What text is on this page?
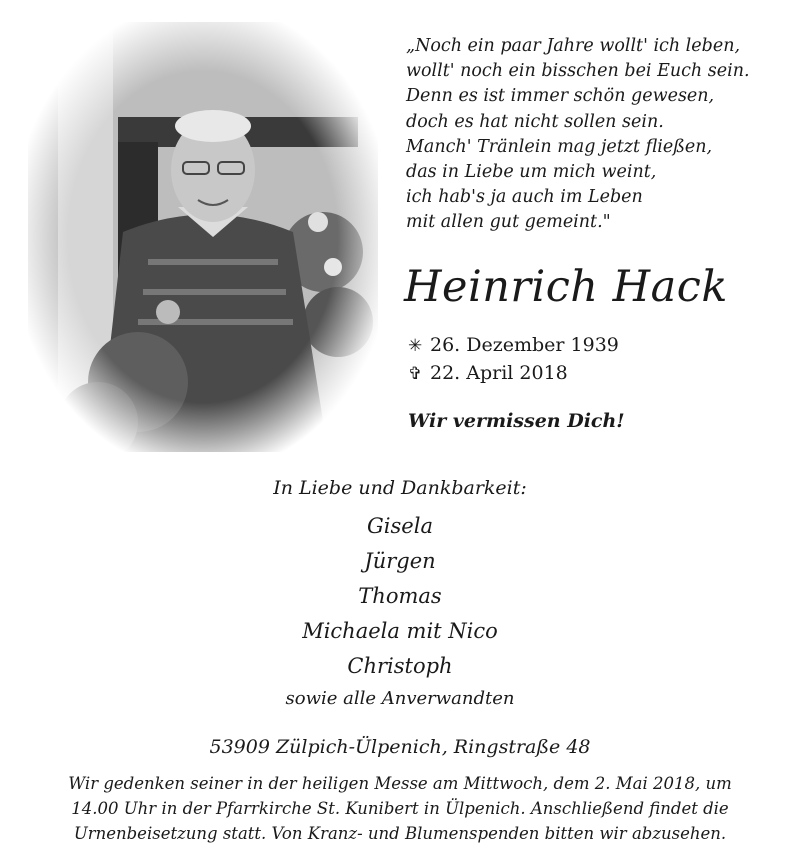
„Noch ein paar Jahre wollt' ich leben,
wollt' noch ein bisschen bei Euch sein.
Denn es ist immer schön gewesen,
doch es hat nicht sollen sein.
Manch' Tränlein mag jetzt fließen,
das in Liebe um mich weint,
ich hab's ja auch im Leben
mit allen gut gemeint."
Heinrich Hack
✳ 26. Dezember 1939
✞ 22. April 2018
Wir vermissen Dich!
In Liebe und Dankbarkeit:
Gisela
Jürgen
Thomas
Michaela mit Nico
Christoph
sowie alle Anverwandten
53909 Zülpich-Ülpenich, Ringstraße 48
Wir gedenken seiner in der heiligen Messe am Mittwoch, dem 2. Mai 2018, um
14.00 Uhr in der Pfarrkirche St. Kunibert in Ülpenich. Anschließend findet die
Urnenbeisetzung statt. Von Kranz- und Blumenspenden bitten wir abzusehen.
